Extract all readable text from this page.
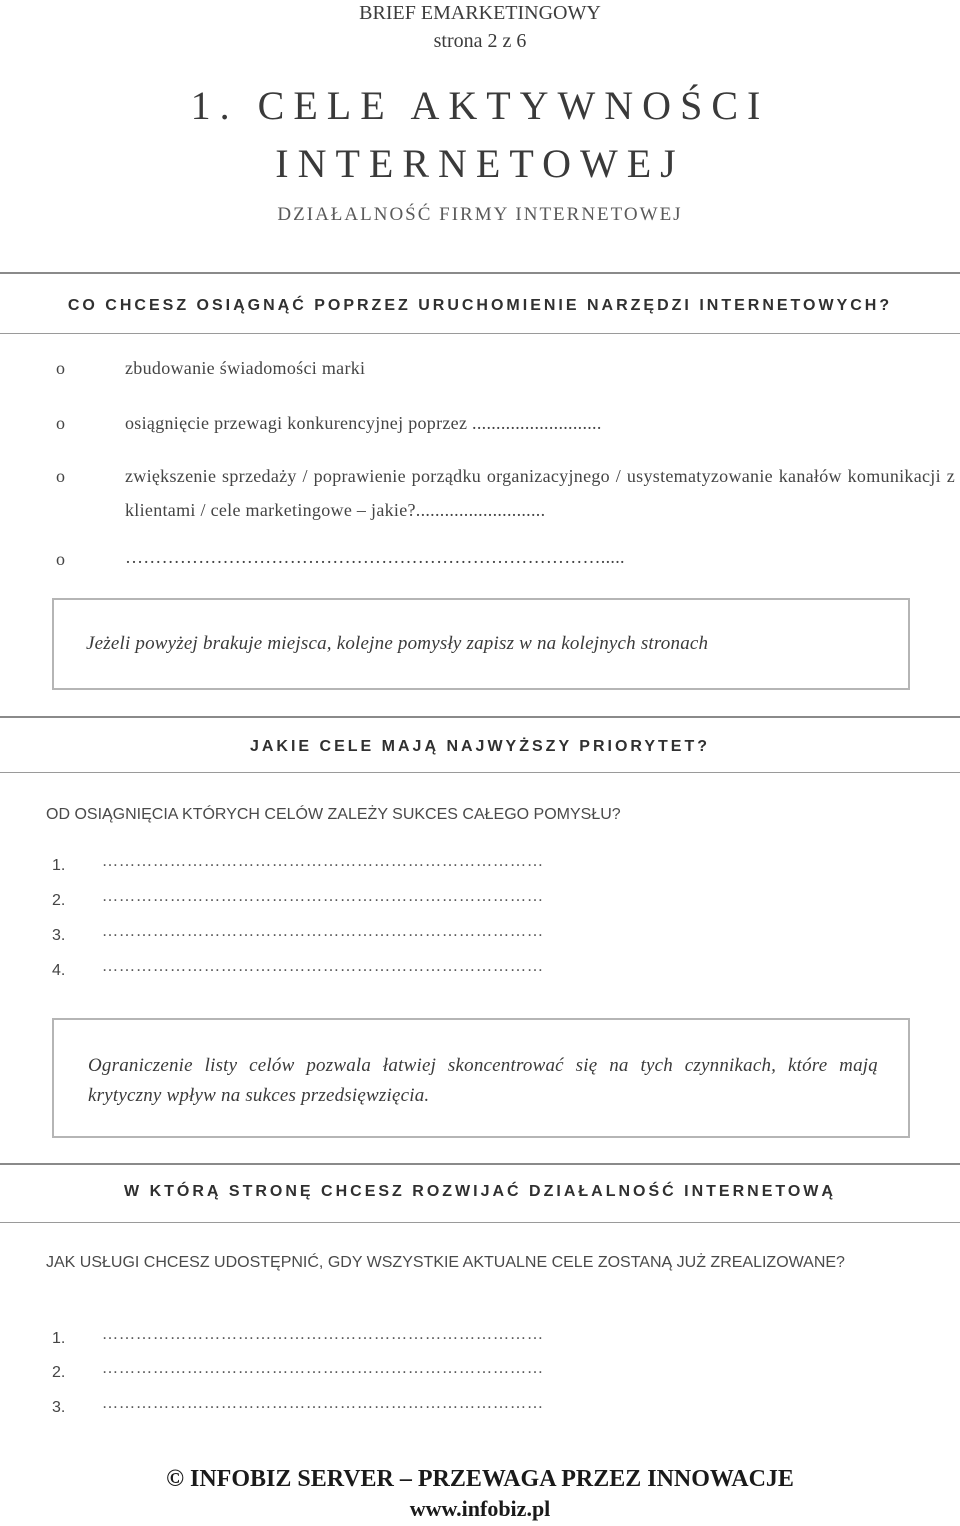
BRIEF EMARKETINGOWY
strona 2 z 6
1. CELE AKTYWNOŚCI
INTERNETOWEJ
DZIAŁALNOŚĆ FIRMY INTERNETOWEJ
CO CHCESZ OSIĄGNĄĆ POPRZEZ URUCHOMIENIE NARZĘDZI INTERNETOWYCH?
o	zbudowanie świadomości marki
o	osiągnięcie przewagi konkurencyjnej poprzez ...........................
o	zwiększenie sprzedaży / poprawienie porządku organizacyjnego / usystematyzowanie kanałów komunikacji z klientami / cele marketingowe – jakie?...........................
o	…………………………………………………………………….....
Jeżeli powyżej brakuje miejsca, kolejne pomysły zapisz w na kolejnych stronach
JAKIE CELE MAJĄ NAJWYŻSZY PRIORYTET?
OD OSIĄGNIĘCIA KTÓRYCH CELÓW ZALEŻY SUKCES CAŁEGO POMYSŁU?
1. ……………………………………………………………………
2. ……………………………………………………………………
3. ……………………………………………………………………
4. ……………………………………………………………………
Ograniczenie listy celów pozwala łatwiej skoncentrować się na tych czynnikach, które mają krytyczny wpływ na sukces przedsięwzięcia.
W KTÓRĄ STRONĘ CHCESZ ROZWIJAĆ DZIAŁALNOŚĆ INTERNETOWĄ
JAK USŁUGI CHCESZ UDOSTĘPNIĆ, GDY WSZYSTKIE AKTUALNE CELE ZOSTANĄ JUŻ ZREALIZOWANE?
1. ……………………………………………………………………
2. ……………………………………………………………………
3. ……………………………………………………………………
© INFOBIZ SERVER – PRZEWAGA PRZEZ INNOWACJE
www.infobiz.pl
